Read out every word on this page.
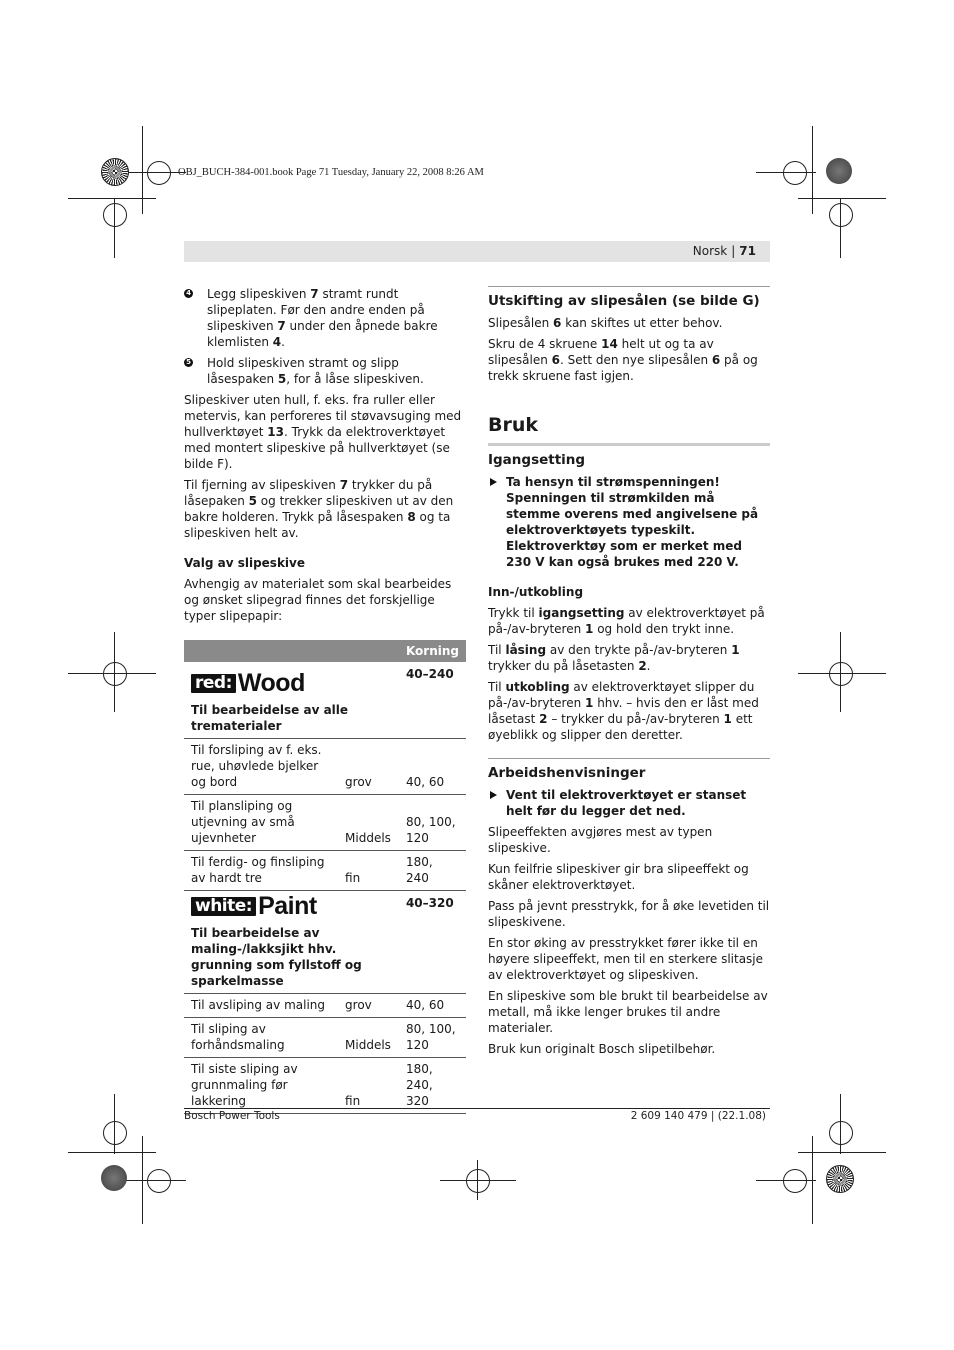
OBJ_BUCH-384-001.book Page 71 Tuesday, January 22, 2008 8:26 AM
Norsk | 71
4 Legg slipeskiven 7 stramt rundt slipeplaten. Før den andre enden på slipeskiven 7 under den åpnede bakre klemlisten 4.
5 Hold slipeskiven stramt og slipp låsespaken 5, for å låse slipeskiven.

Slipeskiver uten hull, f. eks. fra ruller eller metervis, kan perforeres til støvavsuging med hullverktøyet 13. Trykk da elektroverktøyet med montert slipeskive på hullverktøyet (se bilde F).

Til fjerning av slipeskiven 7 trykker du på låsepaken 5 og trekker slipeskiven ut av den bakre holderen. Trykk på låsespaken 8 og ta slipeskiven helt av.

Valg av slipeskive

Avhengig av materialet som skal bearbeides og ønsket slipegrad finnes det forskjellige typer slipepapir:

		Korning

red: Wood
Til bearbeidelse av alle trematerialer		40–240
Til forsliping av f. eks. rue, uhøvlede bjelker og bord	grov	40, 60
Til plansliping og utjevning av små ujevnheter	Middels	80, 100, 120
Til ferdig- og finsliping av hardt tre	fin	180, 240

white: Paint
Til bearbeidelse av maling-/lakksjikt hhv. grunning som fyllstoff og sparkelmasse		40–320
Til avsliping av maling	grov	40, 60
Til sliping av forhåndsmaling	Middels	80, 100, 120
Til siste sliping av grunnmaling før lakkering	fin	180, 240, 320
Utskifting av slipesålen (se bilde G)

Slipesålen 6 kan skiftes ut etter behov.

Skru de 4 skruene 14 helt ut og ta av slipesålen 6. Sett den nye slipesålen 6 på og trekk skruene fast igjen.

Bruk
Igangsetting
Ta hensyn til strømspenningen! Spenningen til strømkilden må stemme overens med angivelsene på elektroverktøyets typeskilt. Elektroverktøy som er merket med 230 V kan også brukes med 220 V.
Inn-/utkobling

Trykk til igangsetting av elektroverktøyet på på-/av-bryteren 1 og hold den trykt inne.

Til låsing av den trykte på-/av-bryteren 1 trykker du på låsetasten 2.

Til utkobling av elektroverktøyet slipper du på-/av-bryteren 1 hhv. – hvis den er låst med låsetast 2 – trykker du på-/av-bryteren 1 ett øyeblikk og slipper den deretter.

Arbeidshenvisninger
Vent til elektroverktøyet er stanset helt før du legger det ned.

Slipeeffekten avgjøres mest av typen slipeskive.

Kun feilfrie slipeskiver gir bra slipeeffekt og skåner elektroverktøyet.

Pass på jevnt presstrykk, for å øke levetiden til slipeskivene.

En stor øking av presstrykket fører ikke til en høyere slipeeffekt, men til en sterkere slitasje av elektroverktøyet og slipeskiven.

En slipeskive som ble brukt til bearbeidelse av metall, må ikke lenger brukes til andre materialer.

Bruk kun originalt Bosch slipetilbehør.

Bosch Power Tools	2 609 140 479 | (22.1.08)
